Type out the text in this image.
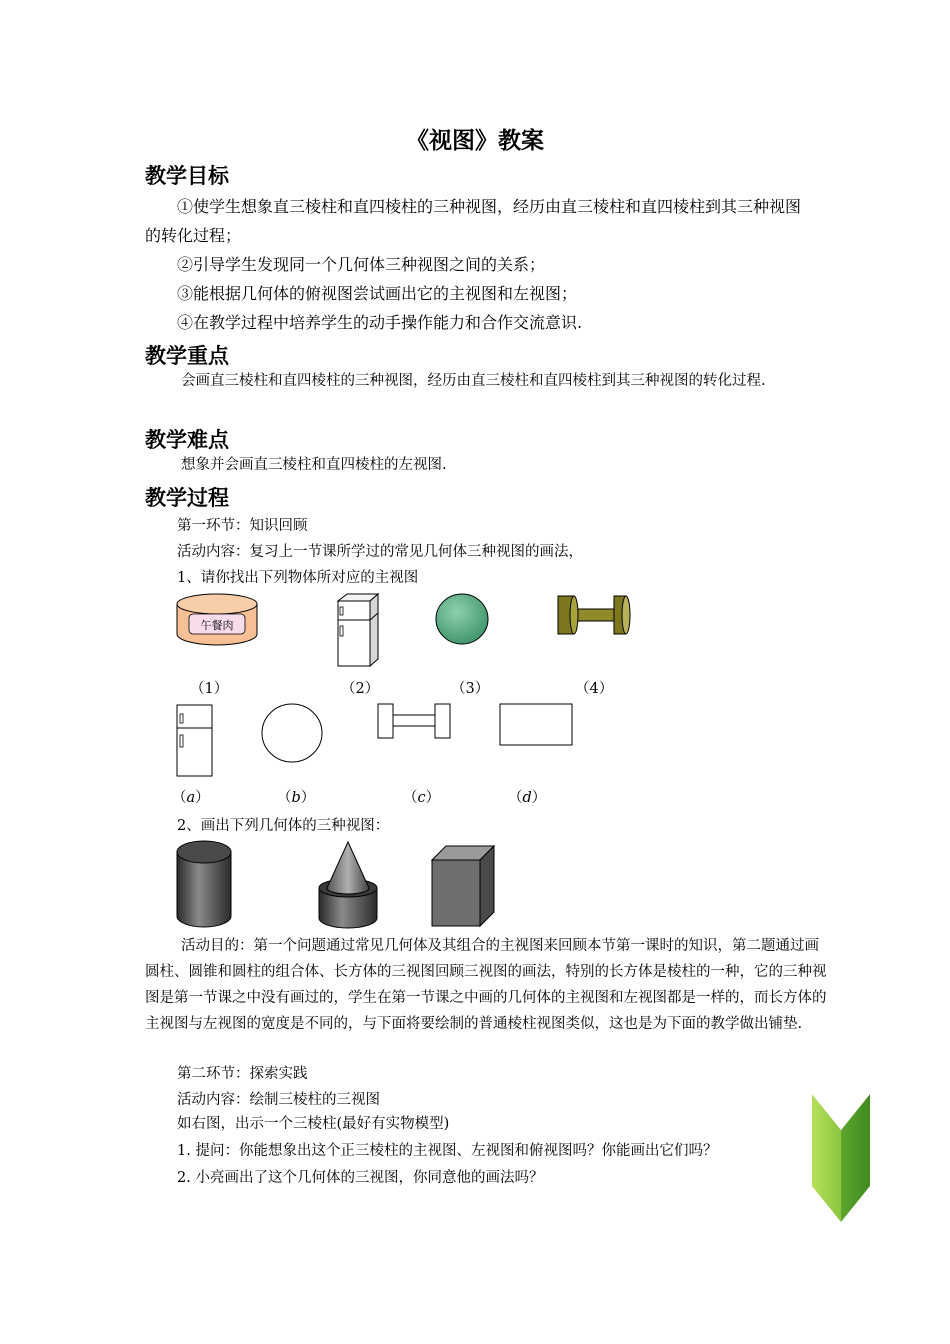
《视图》教案
教学目标
①使学生想象直三棱柱和直四棱柱的三种视图，经历由直三棱柱和直四棱柱到其三种视图的转化过程；
②引导学生发现同一个几何体三种视图之间的关系；
③能根据几何体的俯视图尝试画出它的主视图和左视图；
④在教学过程中培养学生的动手操作能力和合作交流意识.
教学重点
会画直三棱柱和直四棱柱的三种视图，经历由直三棱柱和直四棱柱到其三种视图的转化过程.
教学难点
想象并会画直三棱柱和直四棱柱的左视图.
教学过程
第一环节：知识回顾
活动内容：复习上一节课所学过的常见几何体三种视图的画法，
1、请你找出下列物体所对应的主视图
午餐肉
（1）	（2）	（3）	（4）
（a）	（b）	（c）	（d）
2、画出下列几何体的三种视图：
活动目的：第一个问题通过常见几何体及其组合的主视图来回顾本节第一课时的知识，第二题通过画圆柱、圆锥和圆柱的组合体、长方体的三视图回顾三视图的画法，特别的长方体是棱柱的一种，它的三种视图是第一节课之中没有画过的，学生在第一节课之中画的几何体的主视图和左视图都是一样的，而长方体的主视图与左视图的宽度是不同的，与下面将要绘制的普通棱柱视图类似，这也是为下面的教学做出铺垫.
第二环节：探索实践
活动内容：绘制三棱柱的三视图
如右图，出示一个三棱柱(最好有实物模型)
1. 提问：你能想象出这个正三棱柱的主视图、左视图和俯视图吗？你能画出它们吗？
2. 小亮画出了这个几何体的三视图，你同意他的画法吗？
